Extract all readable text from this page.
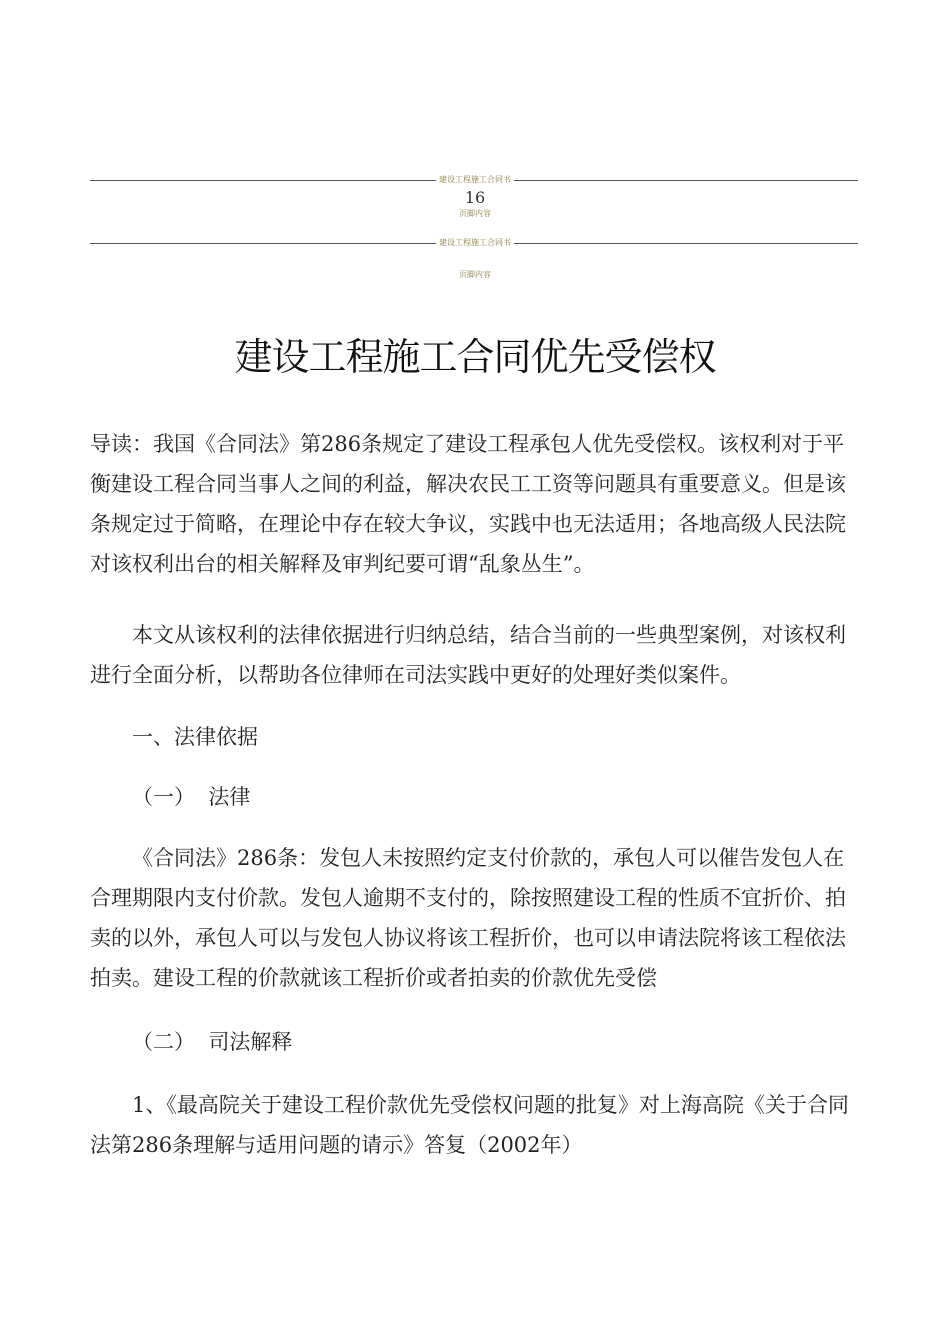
建设工程施工合同书
16
页脚内容
建设工程施工合同书
页脚内容
建设工程施工合同优先受偿权
导读：我国《合同法》第286条规定了建设工程承包人优先受偿权。该权利对于平衡建设工程合同当事人之间的利益，解决农民工工资等问题具有重要意义。但是该条规定过于简略，在理论中存在较大争议，实践中也无法适用；各地高级人民法院对该权利出台的相关解释及审判纪要可谓“乱象丛生”。
本文从该权利的法律依据进行归纳总结，结合当前的一些典型案例，对该权利进行全面分析，以帮助各位律师在司法实践中更好的处理好类似案件。
一、法律依据
（一）  法律
《合同法》286条：发包人未按照约定支付价款的，承包人可以催告发包人在合理期限内支付价款。发包人逾期不支付的，除按照建设工程的性质不宜折价、拍卖的以外，承包人可以与发包人协议将该工程折价，也可以申请法院将该工程依法拍卖。建设工程的价款就该工程折价或者拍卖的价款优先受偿
（二）  司法解释
1、《最高院关于建设工程价款优先受偿权问题的批复》对上海高院《关于合同法第286条理解与适用问题的请示》答复（2002年）
